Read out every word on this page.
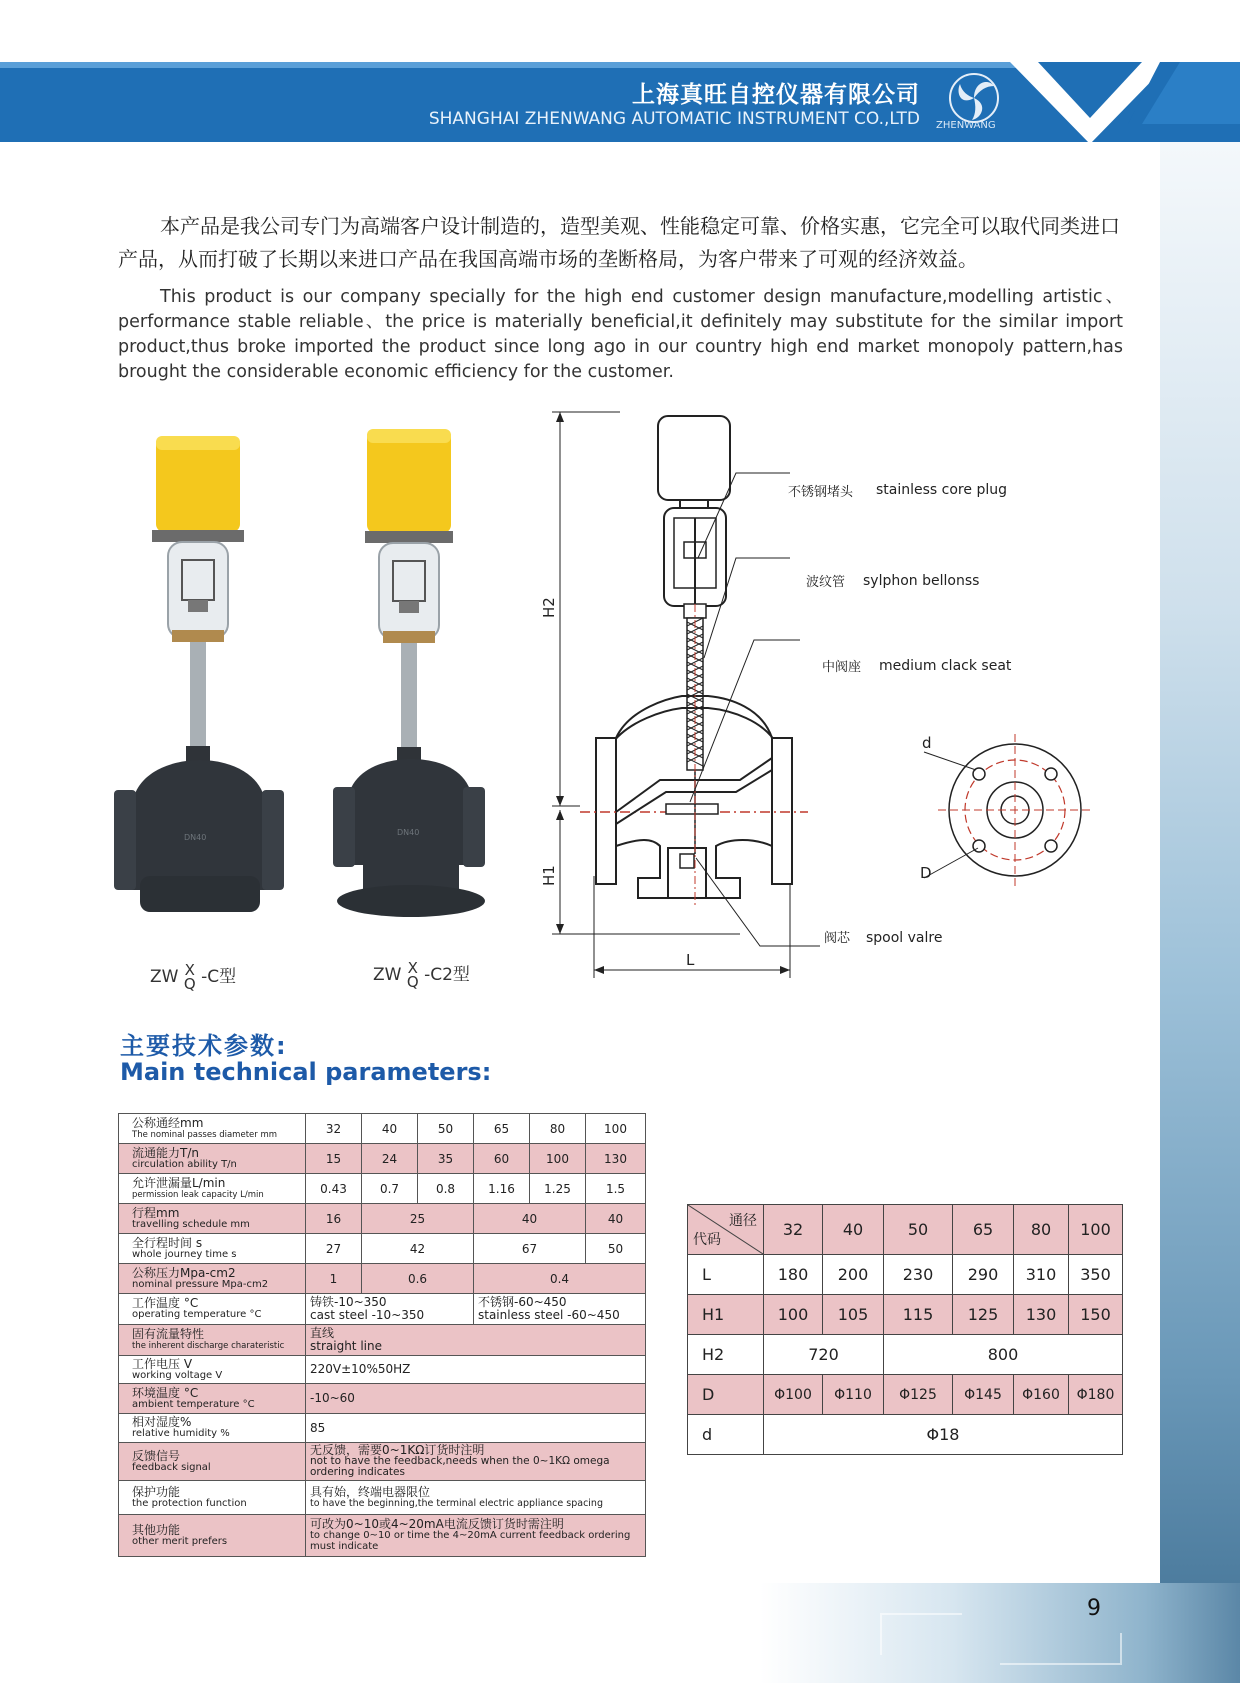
上海真旺自控仪器有限公司
SHANGHAI ZHENWANG AUTOMATIC INSTRUMENT CO.,LTD ZHENWANG
本产品是我公司专门为高端客户设计制造的，造型美观、性能稳定可靠、价格实惠，它完全可以取代同类进口产品，从而打破了长期以来进口产品在我国高端市场的垄断格局，为客户带来了可观的经济效益。
This product is our company specially for the high end customer design manufacture,modelling artistic、performance stable reliable、the price is materially beneficial,it definitely may substitute for the similar import product,thus broke imported the product since long ago in our country high end market monopoly pattern,has brought the considerable economic efficiency for the customer.
DN40
ZW X
Q -C型
DN40
ZW X
Q -C2型
H2
H1
L
不锈钢堵头 stainless core plug
波纹管 sylphon bellonss
中阀座 medium clack seat
阀芯 spool valre
d
D
主要技术参数:
Main technical parameters:
公称通经mm
The nominal passes diameter mm	32	40	50	65	80	100

流通能力T/n
circulation ability T/n	15	24	35	60	100	130

允许泄漏量L/min
permission leak capacity L/min	0.43	0.7	0.8	1.16	1.25	1.5

行程mm
travelling schedule mm	16	25		40		40

全行程时间 s
whole journey time s	27	42		67		50

公称压力Mpa-cm2
nominal pressure Mpa-cm2	1	0.6		0.4		

工作温度 °C
operating temperature °C	铸铁-10~350
cast steel -10~350			不锈钢-60~450
stainless steel -60~450		

固有流量特性
the inherent discharge charateristic	直线
straight line					

工作电压 V
working voltage V	220V±10%50HZ					

环境温度 °C
ambient temperature °C	-10~60					

相对湿度%
relative humidity %	85					

反馈信号
feedback signal	无反馈，需要0~1KΩ订货时注明
not to have the feedback,needs when the 0~1KΩ omega ordering indicates					

保护功能
the protection function	具有始，终端电器限位
to have the beginning,the terminal electric appliance spacing					

其他功能
other merit prefers	可改为0~10或4~20mA电流反馈订货时需注明
to change 0~10 or time the 4~20mA current feedback ordering must indicate					
通径
代码	32	40	50	65	80	100
L	180	200	230	290	310	350
H1	100	105	115	125	130	150
H2	720		800			
D	Φ100	Φ110	Φ125	Φ145	Φ160	Φ180
d	Φ18					
9
